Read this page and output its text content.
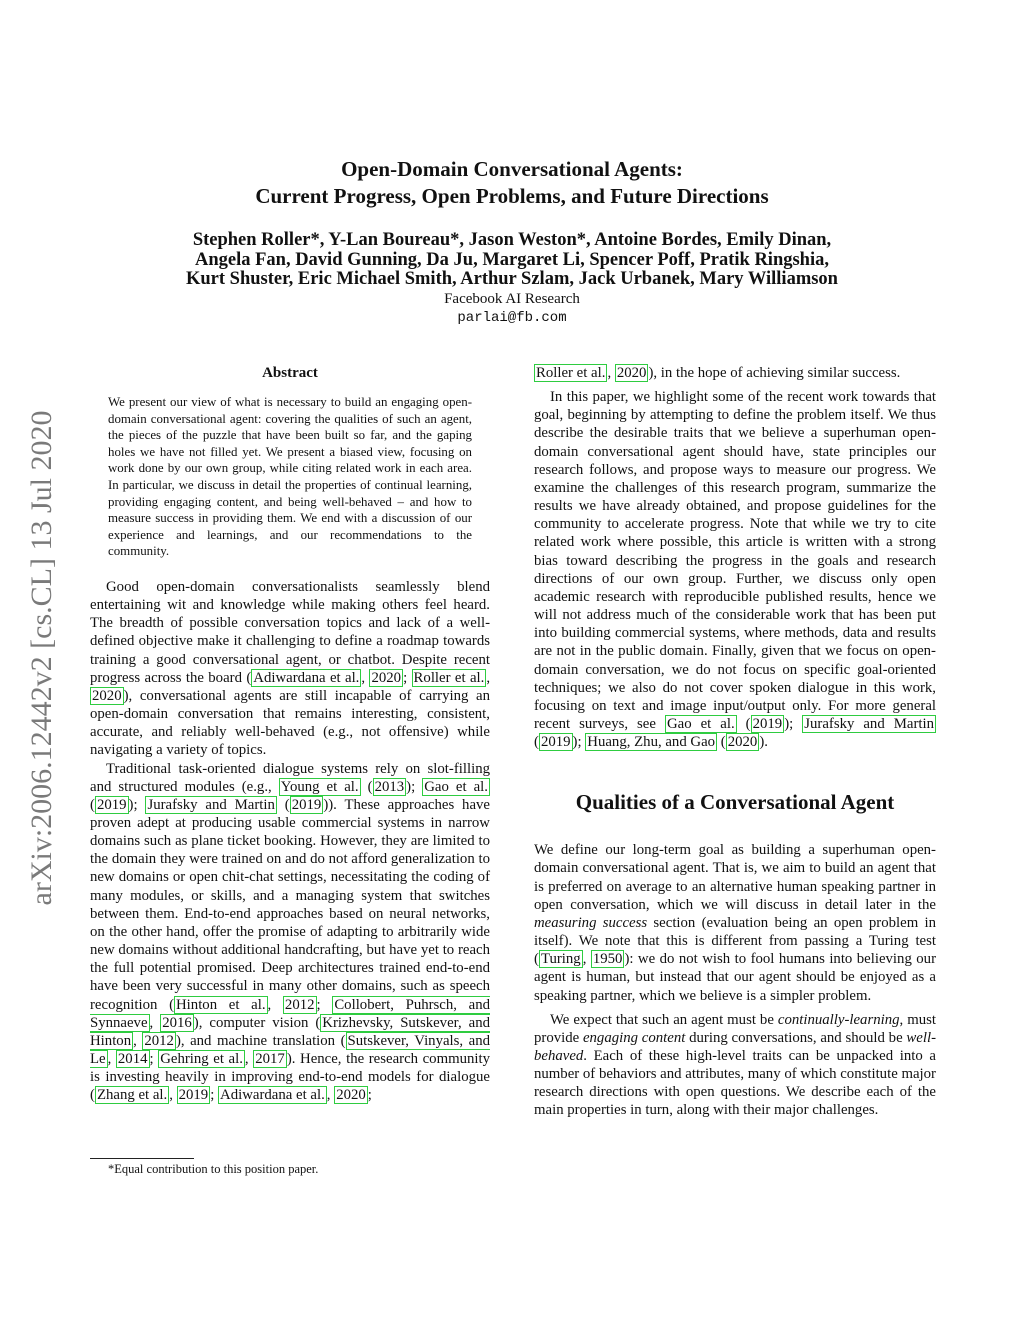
arXiv:2006.12442v2 [cs.CL] 13 Jul 2020
Open-Domain Conversational Agents:
Current Progress, Open Problems, and Future Directions
Stephen Roller*, Y-Lan Boureau*, Jason Weston*, Antoine Bordes, Emily Dinan,
Angela Fan, David Gunning, Da Ju, Margaret Li, Spencer Poff, Pratik Ringshia,
Kurt Shuster, Eric Michael Smith, Arthur Szlam, Jack Urbanek, Mary Williamson
Facebook AI Research
parlai@fb.com
Abstract
We present our view of what is necessary to build an engaging open-domain conversational agent: covering the qualities of such an agent, the pieces of the puzzle that have been built so far, and the gaping holes we have not filled yet. We present a biased view, focusing on work done by our own group, while citing related work in each area. In particular, we discuss in detail the properties of continual learning, providing engaging content, and being well-behaved – and how to measure success in providing them. We end with a discussion of our experience and learnings, and our recommendations to the community.

Good open-domain conversationalists seamlessly blend entertaining wit and knowledge while making others feel heard. The breadth of possible conversation topics and lack of a well-defined objective make it challenging to define a roadmap towards training a good conversational agent, or chatbot. Despite recent progress across the board ( Adiwardana et al. , 2020 ; Roller et al. , 2020 ), conversational agents are still incapable of carrying an open-domain conversation that remains interesting, consistent, accurate, and reliably well-behaved (e.g., not offensive) while navigating a variety of topics.

Traditional task-oriented dialogue systems rely on slot-filling and structured modules (e.g., Young et al. ( 2013 ); Gao et al. ( 2019 ); Jurafsky and Martin ( 2019 )). These approaches have proven adept at producing usable commercial systems in narrow domains such as plane ticket booking. However, they are limited to the domain they were trained on and do not afford generalization to new domains or open chit-chat settings, necessitating the coding of many modules, or skills, and a managing system that switches between them. End-to-end approaches based on neural networks, on the other hand, offer the promise of adapting to arbitrarily wide new domains without additional handcrafting, but have yet to reach the full potential promised. Deep architectures trained end-to-end have been very successful in many other domains, such as speech recognition ( Hinton et al. , 2012 ; Collobert, Puhrsch, and Synnaeve , 2016 ), computer vision ( Krizhevsky, Sutskever, and Hinton , 2012 ), and machine translation ( Sutskever, Vinyals, and Le , 2014 ; Gehring et al. , 2017 ). Hence, the research community is investing heavily in improving end-to-end models for dialogue ( Zhang et al. , 2019 ; Adiwardana et al. , 2020 ;

*Equal contribution to this position paper.

Roller et al. , 2020 ), in the hope of achieving similar success.

In this paper, we highlight some of the recent work towards that goal, beginning by attempting to define the problem itself. We thus describe the desirable traits that we believe a superhuman open-domain conversational agent should have, state principles our research follows, and propose ways to measure our progress. We examine the challenges of this research program, summarize the results we have already obtained, and propose guidelines for the community to accelerate progress. Note that while we try to cite related work where possible, this article is written with a strong bias toward describing the progress in the goals and research directions of our own group. Further, we discuss only open academic research with reproducible published results, hence we will not address much of the considerable work that has been put into building commercial systems, where methods, data and results are not in the public domain. Finally, given that we focus on open-domain conversation, we do not focus on specific goal-oriented techniques; we also do not cover spoken dialogue in this work, focusing on text and image input/output only. For more general recent surveys, see Gao et al. ( 2019 ); Jurafsky and Martin ( 2019 ); Huang, Zhu, and Gao ( 2020 ).

Qualities of a Conversational Agent

We define our long-term goal as building a superhuman open-domain conversational agent. That is, we aim to build an agent that is preferred on average to an alternative human speaking partner in open conversation, which we will discuss in detail later in the measuring success section (evaluation being an open problem in itself). We note that this is different from passing a Turing test ( Turing , 1950 ): we do not wish to fool humans into believing our agent is human, but instead that our agent should be enjoyed as a speaking partner, which we believe is a simpler problem.

We expect that such an agent must be continually-learning, must provide engaging content during conversations, and should be well-behaved. Each of these high-level traits can be unpacked into a number of behaviors and attributes, many of which constitute major research directions with open questions. We describe each of the main properties in turn, along with their major challenges.
